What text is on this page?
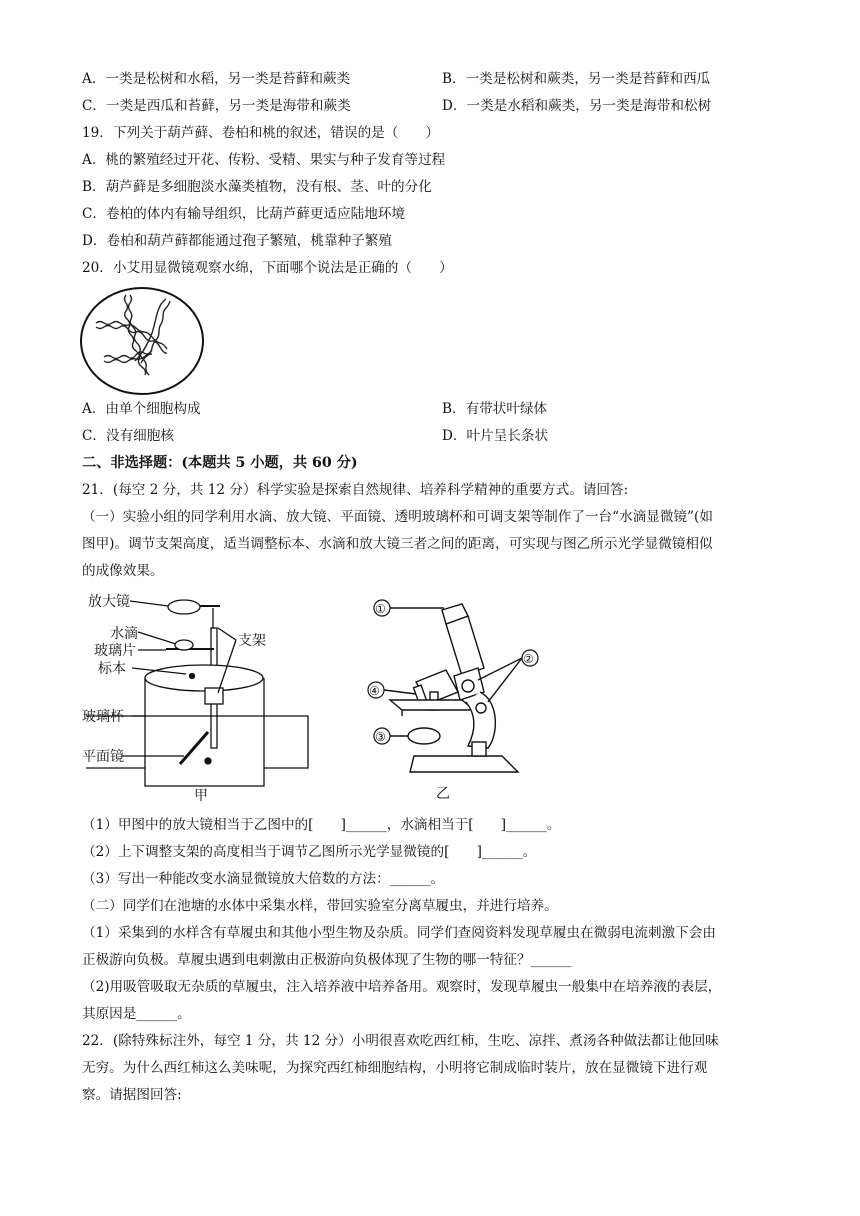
A．一类是松树和水稻，另一类是苔藓和蕨类	B．一类是松树和蕨类，另一类是苔藓和西瓜
C．一类是西瓜和苔藓，另一类是海带和蕨类	D．一类是水稻和蕨类，另一类是海带和松树
19．下列关于葫芦藓、卷柏和桃的叙述，错误的是（　　）
A．桃的繁殖经过开花、传粉、受精、果实与种子发育等过程
B．葫芦藓是多细胞淡水藻类植物，没有根、茎、叶的分化
C．卷柏的体内有输导组织，比葫芦藓更适应陆地环境
D．卷柏和葫芦藓都能通过孢子繁殖，桃靠种子繁殖
20．小艾用显微镜观察水绵，下面哪个说法是正确的（　　）
A．由单个细胞构成	B．有带状叶绿体
C．没有细胞核	D．叶片呈长条状
二、非选择题：(本题共 5 小题，共 60 分)
21．(每空 2 分，共 12 分）科学实验是探索自然规律、培养科学精神的重要方式。请回答:
（一）实验小组的同学利用水滴、放大镜、平面镜、透明玻璃杯和可调支架等制作了一台“水滴显微镜”(如
图甲)。调节支架高度，适当调整标本、水滴和放大镜三者之间的距离，可实现与图乙所示光学显微镜相似
的成像效果。
放大镜
水滴
玻璃片
标本
支架
玻璃杯
平面镜
甲
①
②
③
④
乙
（1）甲图中的放大镜相当于乙图中的[　　]______，水滴相当于[　　]______。
（2）上下调整支架的高度相当于调节乙图所示光学显微镜的[　　]______。
（3）写出一种能改变水滴显微镜放大倍数的方法：______。
（二）同学们在池塘的水体中采集水样，带回实验室分离草履虫，并进行培养。
（1）采集到的水样含有草履虫和其他小型生物及杂质。同学们查阅资料发现草履虫在微弱电流刺激下会由
正极游向负极。草履虫遇到电刺激由正极游向负极体现了生物的哪一特征？______
（2)用吸管吸取无杂质的草履虫，注入培养液中培养备用。观察时，发现草履虫一般集中在培养液的表层，
其原因是______。
22．(除特殊标注外，每空 1 分，共 12 分）小明很喜欢吃西红柿，生吃、凉拌、煮汤各种做法都让他回味
无穷。为什么西红柿这么美味呢，为探究西红柿细胞结构，小明将它制成临时装片，放在显微镜下进行观
察。请据图回答:
